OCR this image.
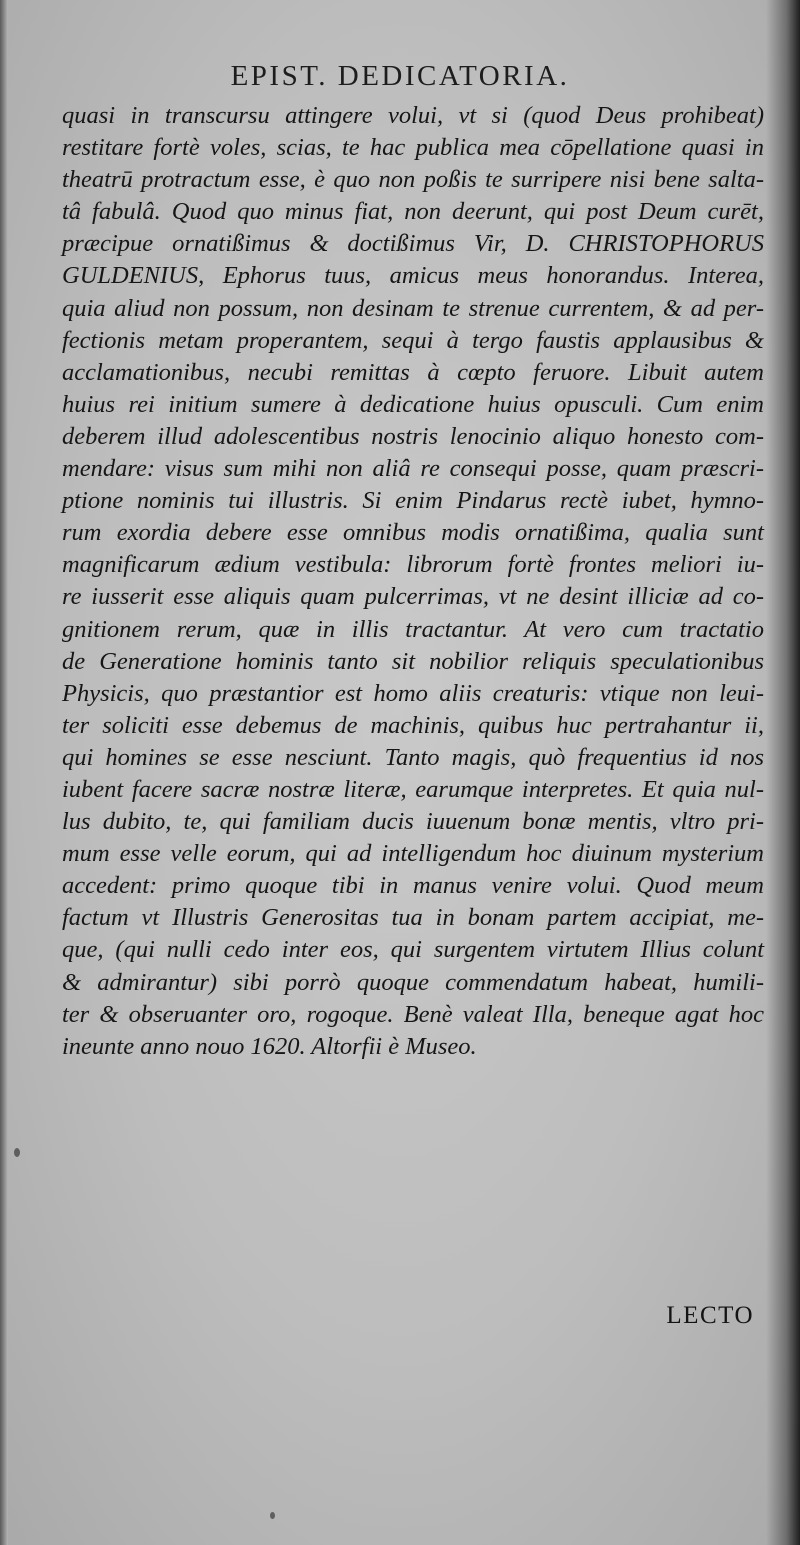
EPIST. DEDICATORIA.
quasi in transcursu attingere volui, vt si (quod Deus prohibeat)
restitare fortè voles, scias, te hac publica mea cōpellatione quasi in
theatrū protractum esse, è quo non poßis te surripere nisi bene salta-
tâ fabulâ. Quod quo minus fiat, non deerunt, qui post Deum curēt,
præcipue ornatißimus & doctißimus Vir, D. CHRISTOPHORUS
GULDENIUS, Ephorus tuus, amicus meus honorandus. Interea,
quia aliud non possum, non desinam te strenue currentem, & ad per-
fectionis metam properantem, sequi à tergo faustis applausibus &
acclamationibus, necubi remittas à cœpto feruore. Libuit autem
huius rei initium sumere à dedicatione huius opusculi. Cum enim
deberem illud adolescentibus nostris lenocinio aliquo honesto com-
mendare: visus sum mihi non aliâ re consequi posse, quam præscri-
ptione nominis tui illustris. Si enim Pindarus rectè iubet, hymno-
rum exordia debere esse omnibus modis ornatißima, qualia sunt
magnificarum ædium vestibula: librorum fortè frontes meliori iu-
re iusserit esse aliquis quam pulcerrimas, vt ne desint illiciæ ad co-
gnitionem rerum, quæ in illis tractantur. At vero cum tractatio
de Generatione hominis tanto sit nobilior reliquis speculationibus
Physicis, quo præstantior est homo aliis creaturis: vtique non leui-
ter soliciti esse debemus de machinis, quibus huc pertrahantur ii,
qui homines se esse nesciunt. Tanto magis, quò frequentius id nos
iubent facere sacræ nostræ literæ, earumque interpretes. Et quia nul-
lus dubito, te, qui familiam ducis iuuenum bonæ mentis, vltro pri-
mum esse velle eorum, qui ad intelligendum hoc diuinum mysterium
accedent: primo quoque tibi in manus venire volui. Quod meum
factum vt Illustris Generositas tua in bonam partem accipiat, me-
que, (qui nulli cedo inter eos, qui surgentem virtutem Illius colunt
& admirantur) sibi porrò quoque commendatum habeat, humili-
ter & obseruanter oro, rogoque. Benè valeat Illa, beneque agat hoc
ineunte anno nouo 1620. Altorfii è Museo.
LECTO
